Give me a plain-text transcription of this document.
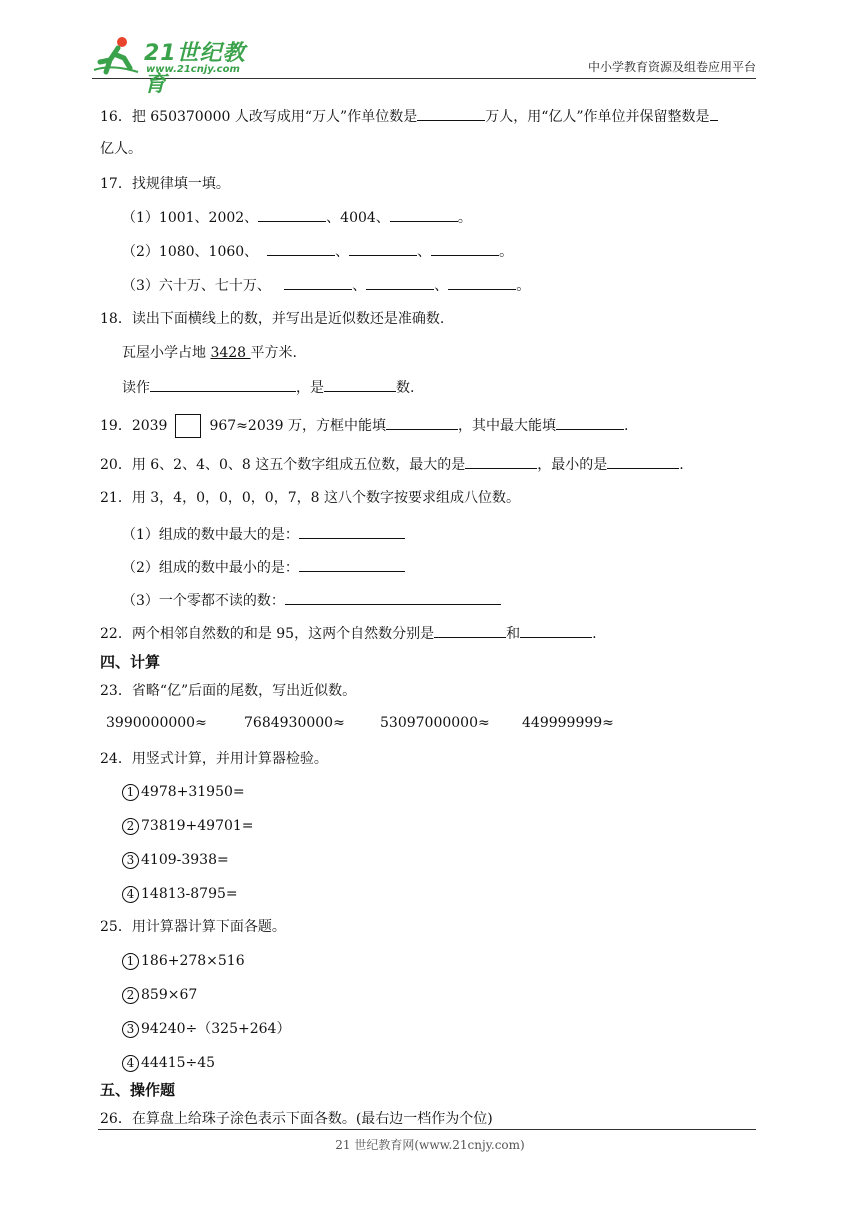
21世纪教育
www.21cnjy.com	中小学教育资源及组卷应用平台
16．把 650370000 人改写成用“万人”作单位数是	万人，用“亿人”作单位并保留整数是
亿人。
17．找规律填一填。
（1）1001、2002、	、4004、	。
（2）1080、1060、	、	、	。
（3）六十万、七十万、	、	、	。
18．读出下面横线上的数，并写出是近似数还是准确数.
瓦屋小学占地 3428 平方米.
读作	，是	数.
19．2039	967≈2039 万，方框中能填	，其中最大能填	.
20．用 6、2、4、0、8 这五个数字组成五位数，最大的是	，最小的是	.
21．用 3，4，0，0，0，0，7，8 这八个数字按要求组成八位数。
（1）组成的数中最大的是：
（2）组成的数中最小的是：
（3）一个零都不读的数：
22．两个相邻自然数的和是 95，这两个自然数分别是	和	.
四、计算
23．省略“亿”后面的尾数，写出近似数。
3990000000≈	7684930000≈	53097000000≈ 449999999≈
24．用竖式计算，并用计算器检验。
1 4978+31950=
2 73819+49701=
3 4109-3938=
4 14813-8795=
25．用计算器计算下面各题。
1 186+278×516
2 859×67
3 94240÷（325+264）
4 44415÷45
五、操作题
26．在算盘上给珠子涂色表示下面各数。(最右边一档作为个位)
21 世纪教育网(www.21cnjy.com)
